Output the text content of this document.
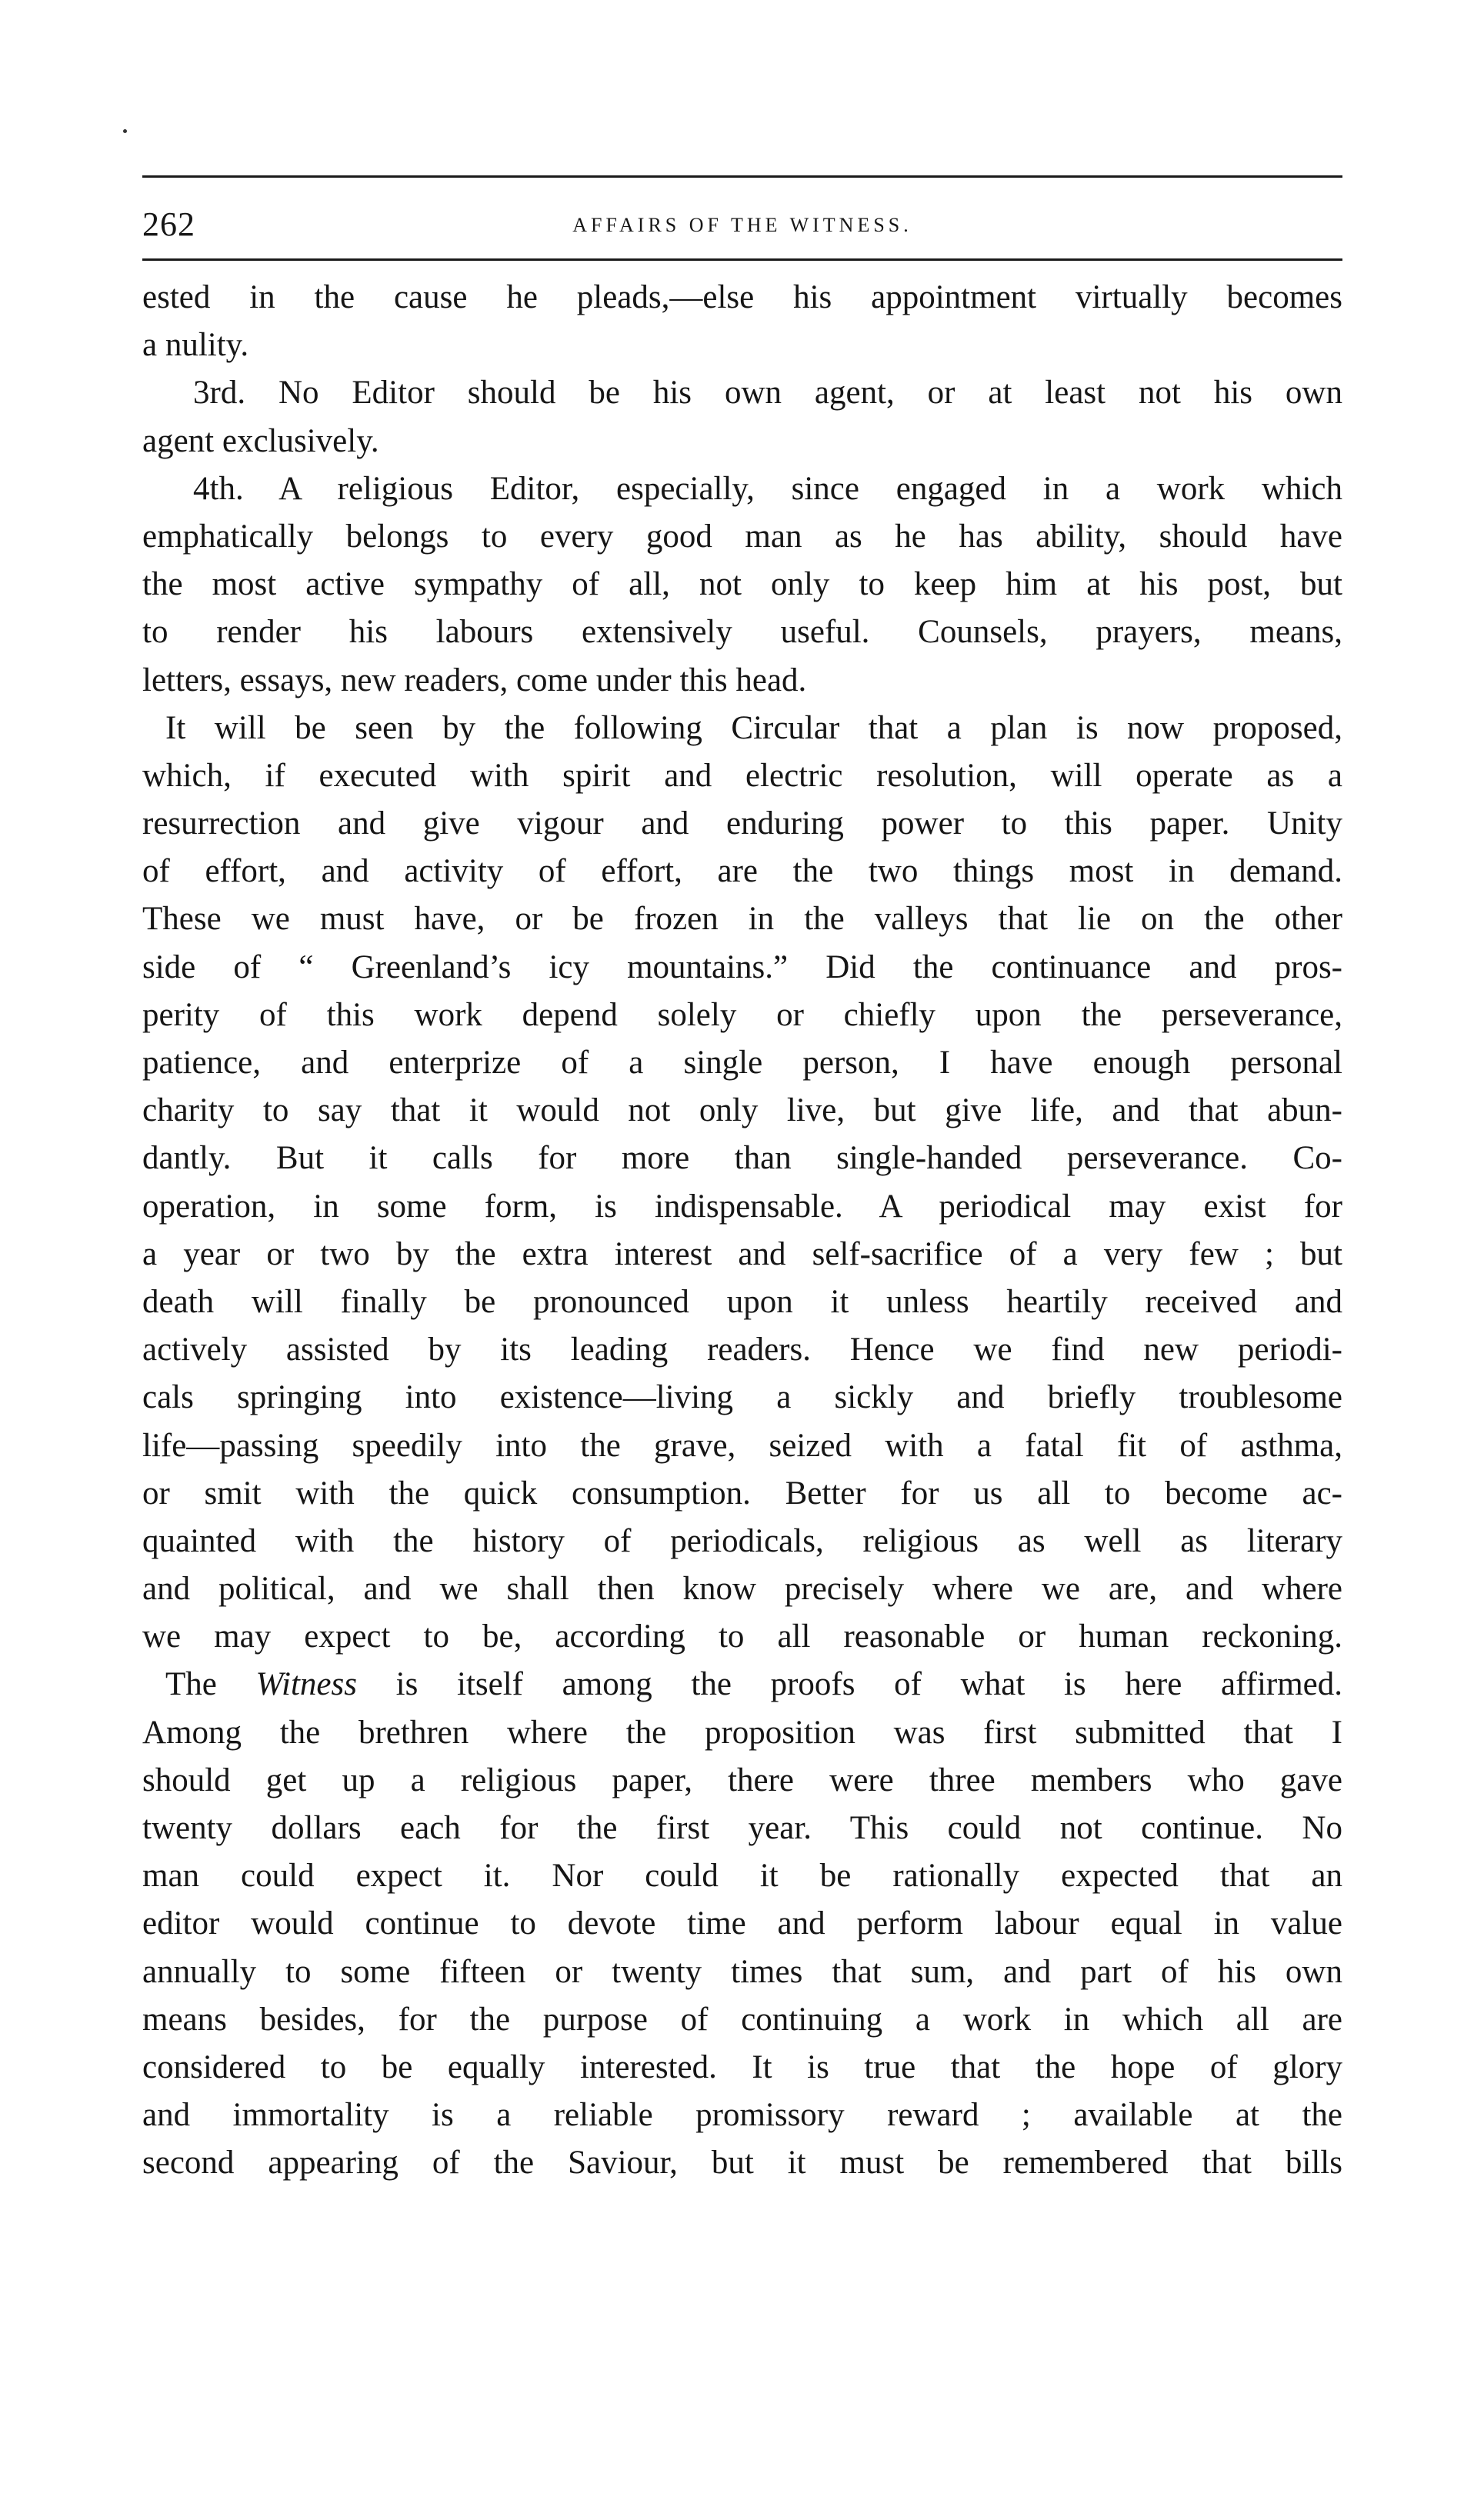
262	AFFAIRS OF THE WITNESS.
ested in the cause he pleads,—else his appointment virtually becomes
a nulity.
3rd. No Editor should be his own agent, or at least not his own
agent exclusively.
4th. A religious Editor, especially, since engaged in a work which
emphatically belongs to every good man as he has ability, should have
the most active sympathy of all, not only to keep him at his post, but
to render his labours extensively useful. Counsels, prayers, means,
letters, essays, new readers, come under this head.
It will be seen by the following Circular that a plan is now proposed,
which, if executed with spirit and electric resolution, will operate as a
resurrection and give vigour and enduring power to this paper. Unity
of effort, and activity of effort, are the two things most in demand.
These we must have, or be frozen in the valleys that lie on the other
side of “ Greenland’s icy mountains.” Did the continuance and pros-
perity of this work depend solely or chiefly upon the perseverance,
patience, and enterprize of a single person, I have enough personal
charity to say that it would not only live, but give life, and that abun-
dantly. But it calls for more than single-handed perseverance. Co-
operation, in some form, is indispensable. A periodical may exist for
a year or two by the extra interest and self-sacrifice of a very few ; but
death will finally be pronounced upon it unless heartily received and
actively assisted by its leading readers. Hence we find new periodi-
cals springing into existence—living a sickly and briefly troublesome
life—passing speedily into the grave, seized with a fatal fit of asthma,
or smit with the quick consumption. Better for us all to become ac-
quainted with the history of periodicals, religious as well as literary
and political, and we shall then know precisely where we are, and where
we may expect to be, according to all reasonable or human reckoning.
The Witness is itself among the proofs of what is here affirmed.
Among the brethren where the proposition was first submitted that I
should get up a religious paper, there were three members who gave
twenty dollars each for the first year. This could not continue. No
man could expect it. Nor could it be rationally expected that an
editor would continue to devote time and perform labour equal in value
annually to some fifteen or twenty times that sum, and part of his own
means besides, for the purpose of continuing a work in which all are
considered to be equally interested. It is true that the hope of glory
and immortality is a reliable promissory reward ; available at the
second appearing of the Saviour, but it must be remembered that bills
